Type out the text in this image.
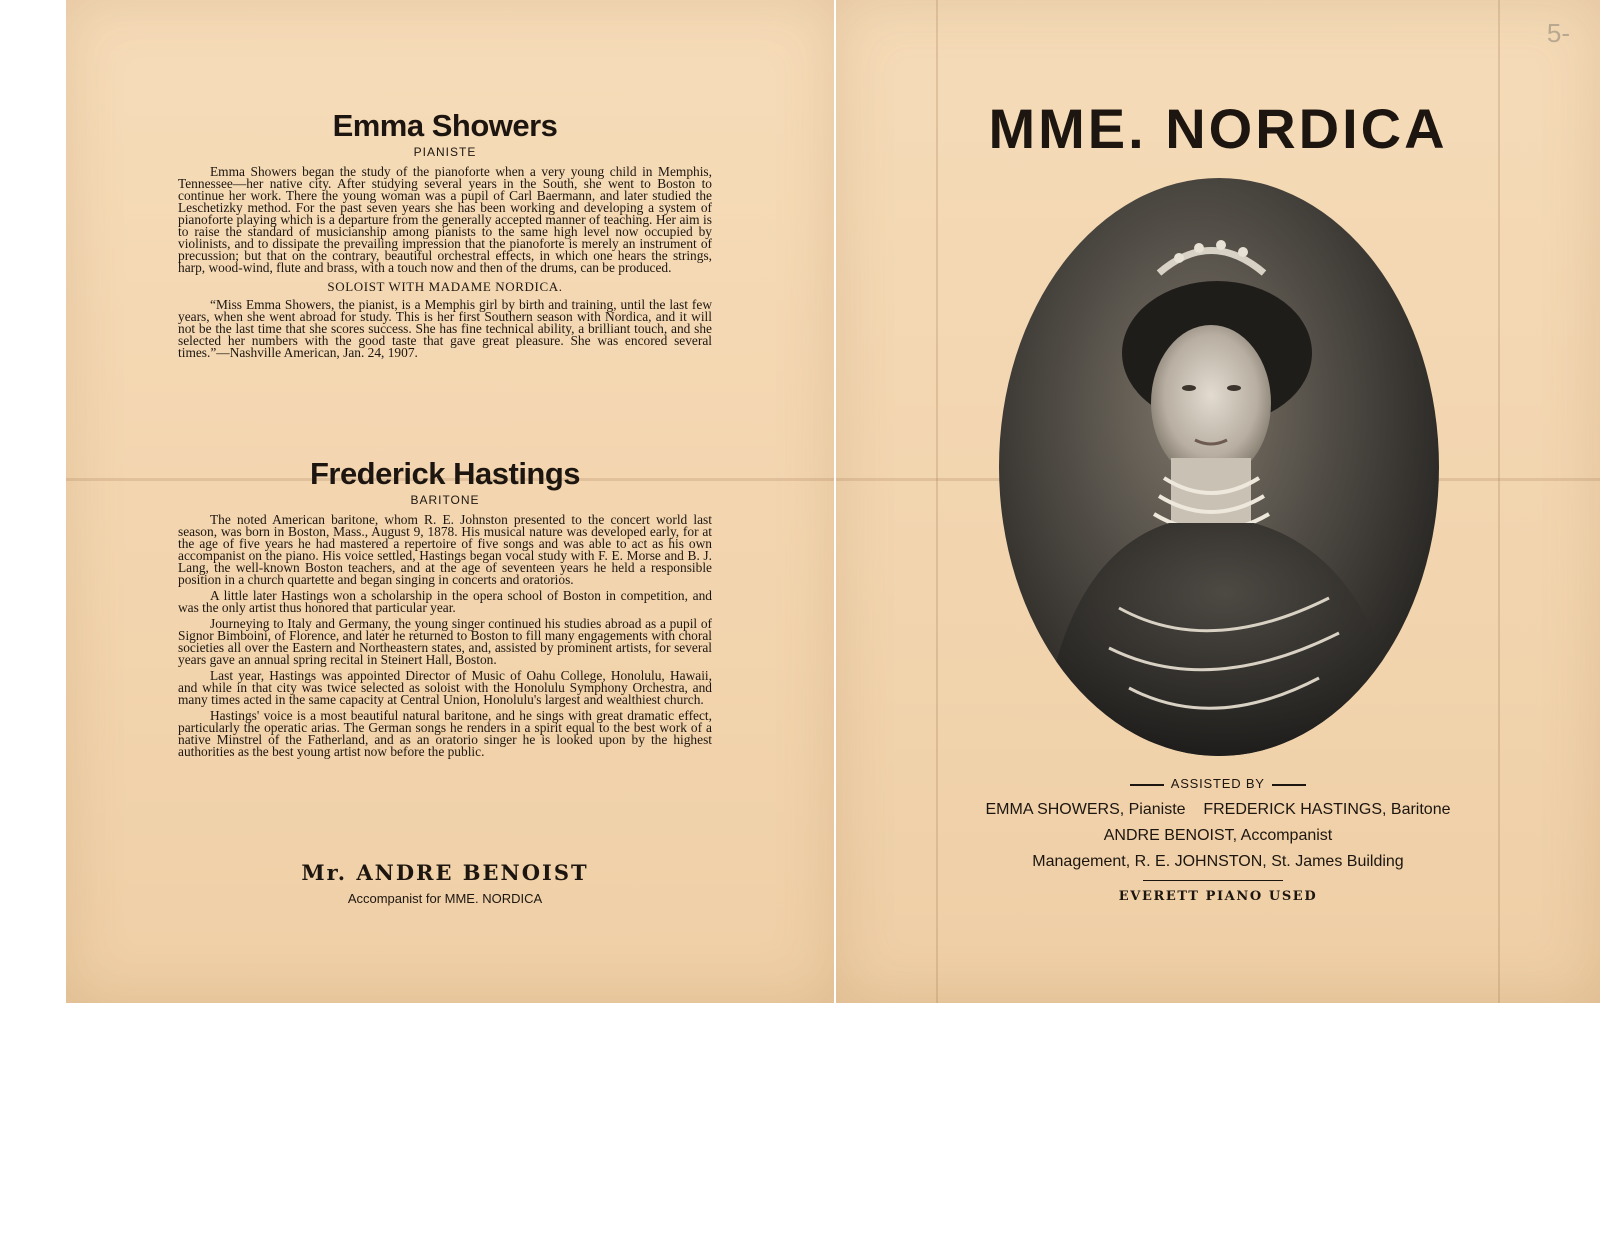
5-
Emma Showers

PIANISTE

Emma Showers began the study of the pianoforte when a very young child in Memphis, Tennessee—her native city. After studying several years in the South, she went to Boston to continue her work. There the young woman was a pupil of Carl Baermann, and later studied the Leschetizky method. For the past seven years she has been working and developing a system of pianoforte playing which is a departure from the generally accepted manner of teaching. Her aim is to raise the standard of musicianship among pianists to the same high level now occupied by violinists, and to dissipate the prevailing impression that the pianoforte is merely an instrument of precussion; but that on the contrary, beautiful orchestral effects, in which one hears the strings, harp, wood-wind, flute and brass, with a touch now and then of the drums, can be produced.

SOLOIST WITH MADAME NORDICA.

“Miss Emma Showers, the pianist, is a Memphis girl by birth and training, until the last few years, when she went abroad for study. This is her first Southern season with Nordica, and it will not be the last time that she scores success. She has fine technical ability, a brilliant touch, and she selected her numbers with the good taste that gave great pleasure. She was encored several times.”—Nashville American, Jan. 24, 1907.

Frederick Hastings

BARITONE

The noted American baritone, whom R. E. Johnston presented to the concert world last season, was born in Boston, Mass., August 9, 1878. His musical nature was developed early, for at the age of five years he had mastered a repertoire of five songs and was able to act as his own accompanist on the piano. His voice settled, Hastings began vocal study with F. E. Morse and B. J. Lang, the well-known Boston teachers, and at the age of seventeen years he held a responsible position in a church quartette and began singing in concerts and oratorios.

A little later Hastings won a scholarship in the opera school of Boston in competition, and was the only artist thus honored that particular year.

Journeying to Italy and Germany, the young singer continued his studies abroad as a pupil of Signor Bimboini, of Florence, and later he returned to Boston to fill many engagements with choral societies all over the Eastern and Northeastern states, and, assisted by prominent artists, for several years gave an annual spring recital in Steinert Hall, Boston.

Last year, Hastings was appointed Director of Music of Oahu College, Honolulu, Hawaii, and while in that city was twice selected as soloist with the Honolulu Symphony Orchestra, and many times acted in the same capacity at Central Union, Honolulu's largest and wealthiest church.

Hastings' voice is a most beautiful natural baritone, and he sings with great dramatic effect, particularly the operatic arias. The German songs he renders in a spirit equal to the best work of a native Minstrel of the Fatherland, and as an oratorio singer he is looked upon by the highest authorities as the best young artist now before the public.

Mr. ANDRE BENOIST

Accompanist for MME. NORDICA

MME. NORDICA
ASSISTED BY
EMMA SHOWERS, Pianiste    FREDERICK HASTINGS, Baritone
ANDRE BENOIST, Accompanist
Management, R. E. JOHNSTON, St. James Building
EVERETT PIANO USED
